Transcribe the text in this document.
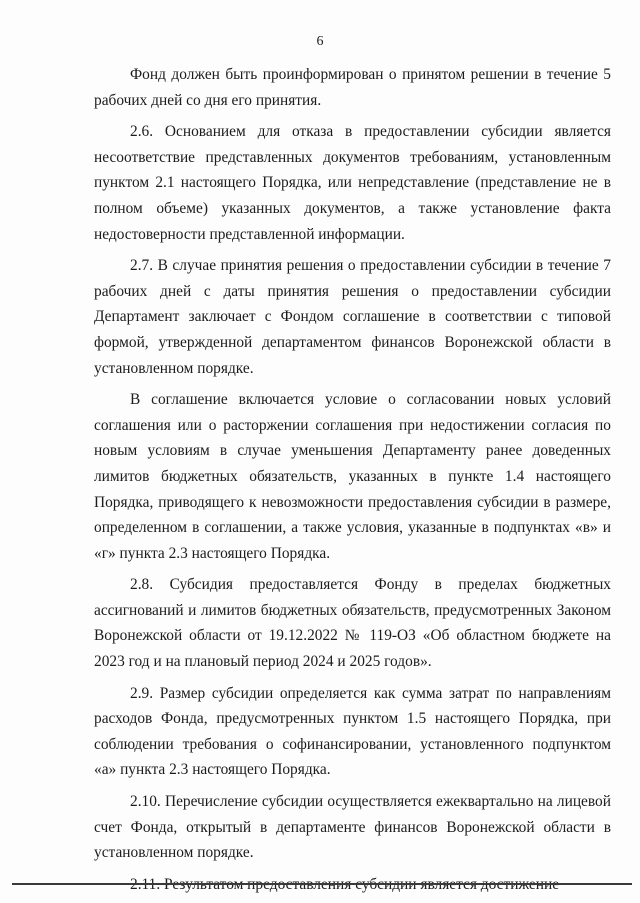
6

Фонд должен быть проинформирован о принятом решении в течение 5 рабочих дней со дня его принятия.

2.6. Основанием для отказа в предоставлении субсидии является несоответствие представленных документов требованиям, установленным пунктом 2.1 настоящего Порядка, или непредставление (представление не в полном объеме) указанных документов, а также установление факта недостоверности представленной информации.

2.7. В случае принятия решения о предоставлении субсидии в течение 7 рабочих дней с даты принятия решения о предоставлении субсидии Департамент заключает с Фондом соглашение в соответствии с типовой формой, утвержденной департаментом финансов Воронежской области в установленном порядке.

В соглашение включается условие о согласовании новых условий соглашения или о расторжении соглашения при недостижении согласия по новым условиям в случае уменьшения Департаменту ранее доведенных лимитов бюджетных обязательств, указанных в пункте 1.4 настоящего Порядка, приводящего к невозможности предоставления субсидии в размере, определенном в соглашении, а также условия, указанные в подпунктах «в» и «г» пункта 2.3 настоящего Порядка.

2.8. Субсидия предоставляется Фонду в пределах бюджетных ассигнований и лимитов бюджетных обязательств, предусмотренных Законом Воронежской области от 19.12.2022 № 119-ОЗ «Об областном бюджете на 2023 год и на плановый период 2024 и 2025 годов».

2.9. Размер субсидии определяется как сумма затрат по направлениям расходов Фонда, предусмотренных пунктом 1.5 настоящего Порядка, при соблюдении требования о софинансировании, установленного подпунктом «а» пункта 2.3 настоящего Порядка.

2.10. Перечисление субсидии осуществляется ежеквартально на лицевой счет Фонда, открытый в департаменте финансов Воронежской области в установленном порядке.
